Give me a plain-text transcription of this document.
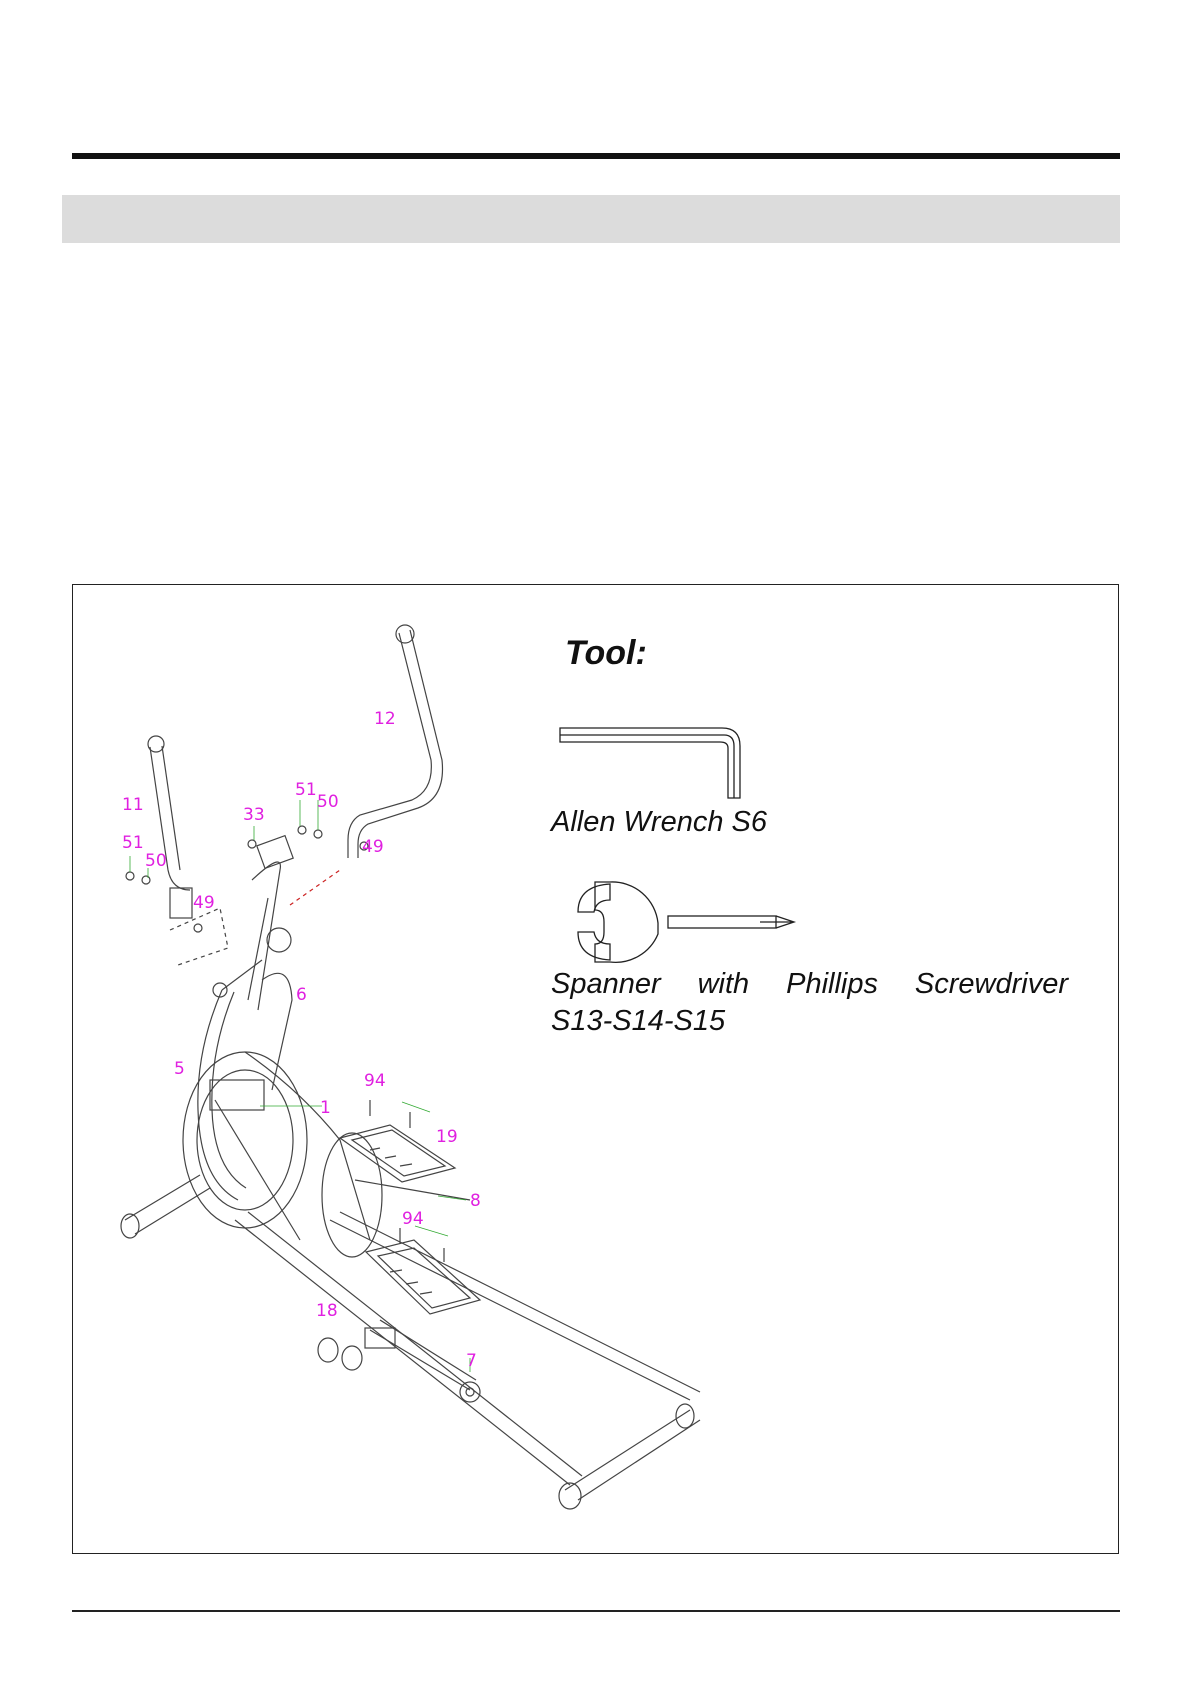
Tool:
Allen Wrench S6
Spanner with Phillips Screwdriver
S13-S14-S15
12
11	33
51
50
51
50
49
49
6
5
94
1
19
8
94
18
7
